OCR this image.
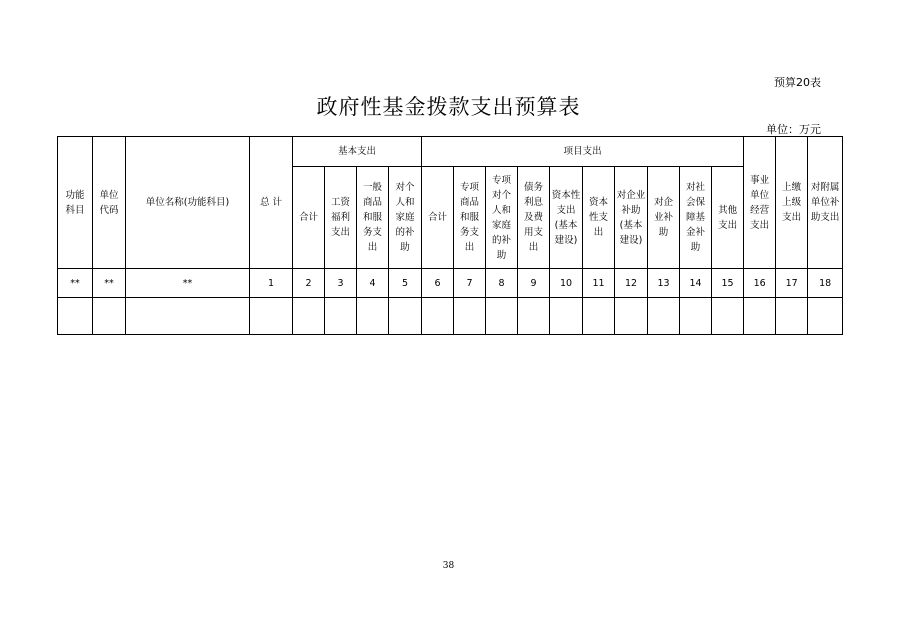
预算20表
政府性基金拨款支出预算表
单位：万元
功能科目	单位代码	单位名称(功能科目)	总 计	基本支出				项目支出										事业单位经营支出	上缴上级支出	对附属单位补助支出
				合计	工资福利支出	一般商品和服务支出	对个人和家庭的补助	合计	专项商品和服务支出	专项对个人和家庭的补助	债务利息及费用支出	资本性支出(基本建设)	资本性支出	对企业补助(基本建设)	对企业补助	对社会保障基金补助	其他支出			
**	**	**	1	2	3	4	5	6	7	8	9	10	11	12	13	14	15	16	17	18

38
